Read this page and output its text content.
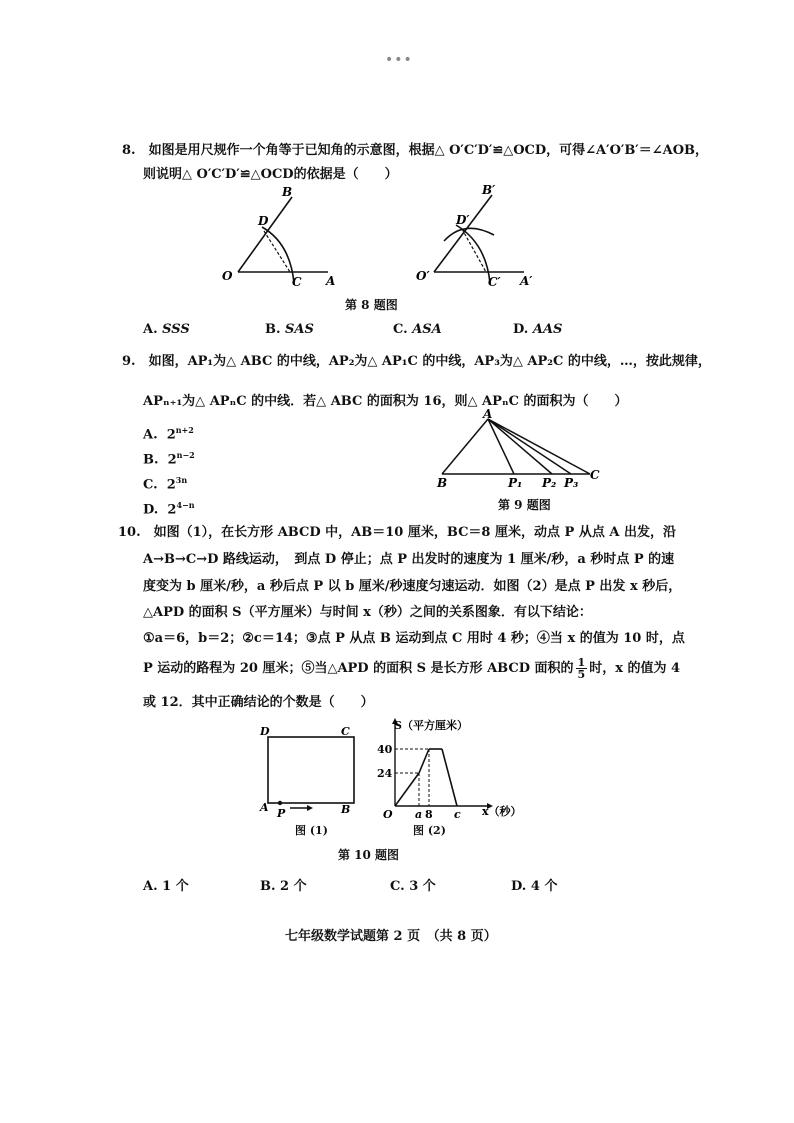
•••
8.　如图是用尺规作一个角等于已知角的示意图，根据△ O′C′D′≌△OCD，可得∠A′O′B′＝∠AOB，
则说明△ O′C′D′≌△OCD的依据是（　　）
B
D
O	C A
B′
D′
O′	C′ A′
第 8 题图
A. SSS	B. SAS	C. ASA	D. AAS
9.　如图，AP₁为△ ABC 的中线，AP₂为△ AP₁C 的中线，AP₃为△ AP₂C 的中线，…，按此规律，
APₙ₊₁为△ APₙC 的中线．若△ ABC 的面积为 16，则△ APₙC 的面积为（　　）
A. $2^{n+2}$
B. $2^{n-2}$
C. $2^{3n}$
D. $2^{4-n}$
A
B
C
P₁ P₂ P₃
第 9 题图
10.　如图（1），在长方形 ABCD 中，AB＝10 厘米，BC＝8 厘米，动点 P 从点 A 出发，沿
A→B→C→D 路线运动，　到点 D 停止；点 P 出发时的速度为 1 厘米/秒，a 秒时点 P 的速
度变为 b 厘米/秒，a 秒后点 P 以 b 厘米/秒速度匀速运动．如图（2）是点 P 出发 x 秒后，
△APD 的面积 S（平方厘米）与时间 x（秒）之间的关系图象．有以下结论：
①a＝6，b＝2；②c＝14；③点 P 从点 B 运动到点 C 用时 4 秒；④当 x 的值为 10 时，点
P 运动的路程为 20 厘米；⑤当△APD 的面积 S 是长方形 ABCD 面积的 $\frac{1}{5}$ 时，x 的值为 4
或 12．其中正确结论的个数是（　　）
D	C
A P	B
图 (1)
S（平方厘米）
40
24
O a 8 c x（秒）
图 (2)
第 10 题图
A. 1 个	B. 2 个	C. 3 个	D. 4 个
七年级数学试题第 2 页　（共 8 页）
